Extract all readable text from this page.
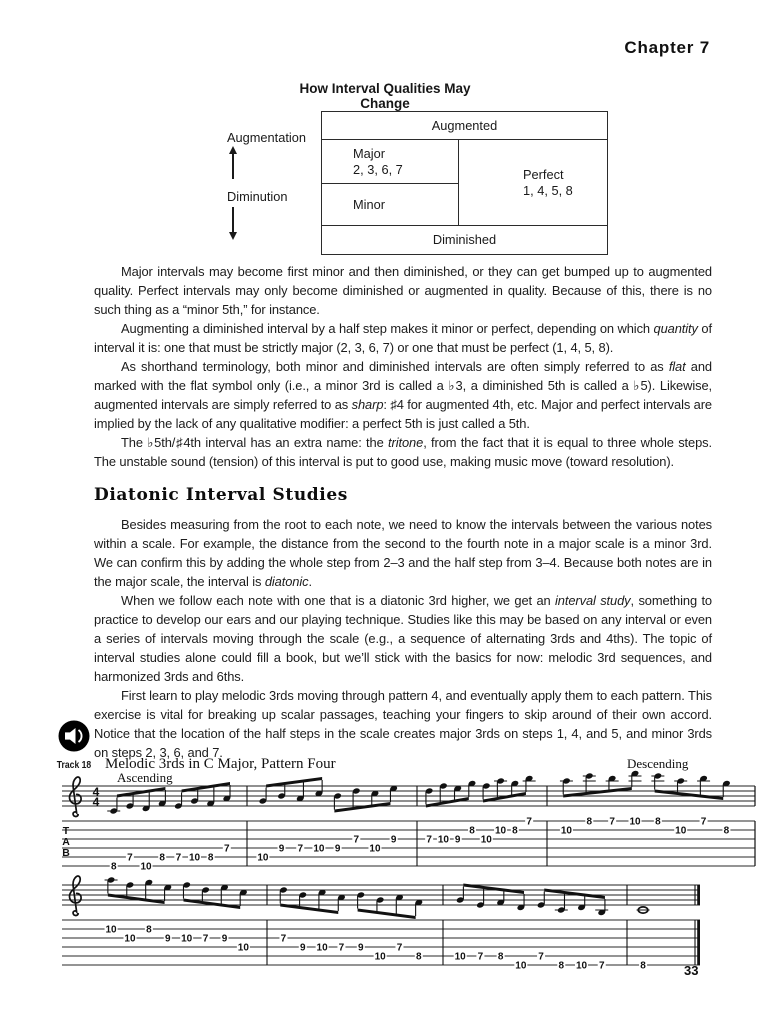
Chapter 7
How Interval Qualities May Change
Augmentation
Diminution
Augmented
Major
2, 3, 6, 7
Minor
Perfect
1, 4, 5, 8
Diminished

Major intervals may become first minor and then diminished, or they can get bumped up to augmented quality. Perfect intervals may only become diminished or augmented in quality. Because of this, there is no such thing as a “minor 5th,” for instance.

Augmenting a diminished interval by a half step makes it minor or perfect, depending on which quantity of interval it is: one that must be strictly major (2, 3, 6, 7) or one that must be perfect (1, 4, 5, 8).

As shorthand terminology, both minor and diminished intervals are often simply referred to as flat and marked with the flat symbol only (i.e., a minor 3rd is called a ♭3, a diminished 5th is called a ♭5). Likewise, augmented intervals are simply referred to as sharp: ♯4 for augmented 4th, etc. Major and perfect intervals are implied by the lack of any qualitative modifier: a perfect 5th is just called a 5th.

The ♭5th/♯4th interval has an extra name: the tritone, from the fact that it is equal to three whole steps. The unstable sound (tension) of this interval is put to good use, making music move (toward resolution).

Diatonic Interval Studies

Besides measuring from the root to each note, we need to know the intervals between the various notes within a scale. For example, the distance from the second to the fourth note in a major scale is a minor 3rd. We can confirm this by adding the whole step from 2–3 and the half step from 3–4. Because both notes are in the major scale, the interval is diatonic.

When we follow each note with one that is a diatonic 3rd higher, we get an interval study, something to practice to develop our ears and our playing technique. Studies like this may be based on any interval or even a series of intervals moving through the scale (e.g., a sequence of alternating 3rds and 4ths). The topic of interval studies alone could fill a book, but we’ll stick with the basics for now: melodic 3rd sequences, and harmonized 3rds and 6ths.

First learn to play melodic 3rds moving through pattern 4, and eventually apply them to each pattern. This exercise is vital for breaking up scalar passages, teaching your fingers to skip around of their own accord. Notice that the location of the half steps in the scale creates major 3rds on steps 1, 4, and 5, and minor 3rds on steps 2, 3, 6, and 7.

Track 18 Melodic 3rds in C Major, Pattern Four
Ascending
Descending
4
4
T
A
B
8
7
10
8 7 10 8
7
10
9 7 10 9
7
10
9	7 10 9
8
10
10 8
7
10
8 7 10 8
10
7
8
10
10
8
9 10 7 9
10
7
9 10 7 9
10
7
8	10 7 8
10
7
8 10 7	8	33
